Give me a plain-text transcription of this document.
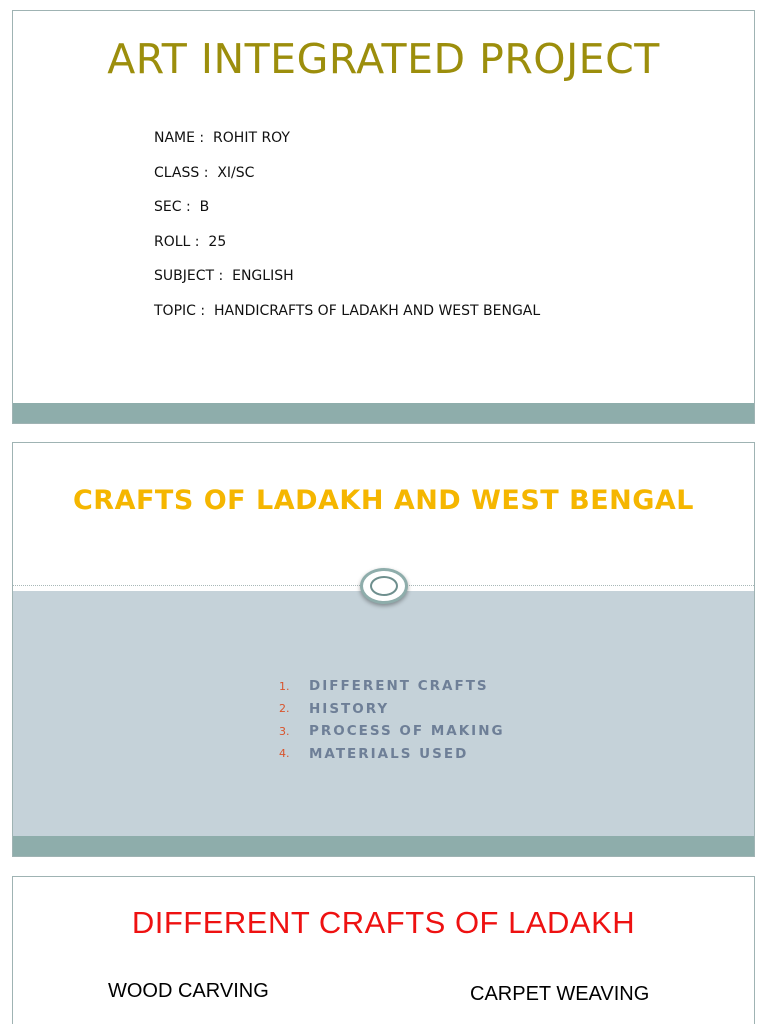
ART INTEGRATED PROJECT
NAME :  ROHIT ROY
CLASS :  XI/SC
SEC :  B
ROLL :  25
SUBJECT :  ENGLISH
TOPIC :  HANDICRAFTS OF LADAKH AND WEST BENGAL
CRAFTS OF LADAKH AND WEST BENGAL
1.	DIFFERENT CRAFTS
2.	HISTORY
3.	PROCESS OF MAKING
4.	MATERIALS USED
DIFFERENT CRAFTS OF LADAKH
WOOD CARVING	CARPET WEAVING
